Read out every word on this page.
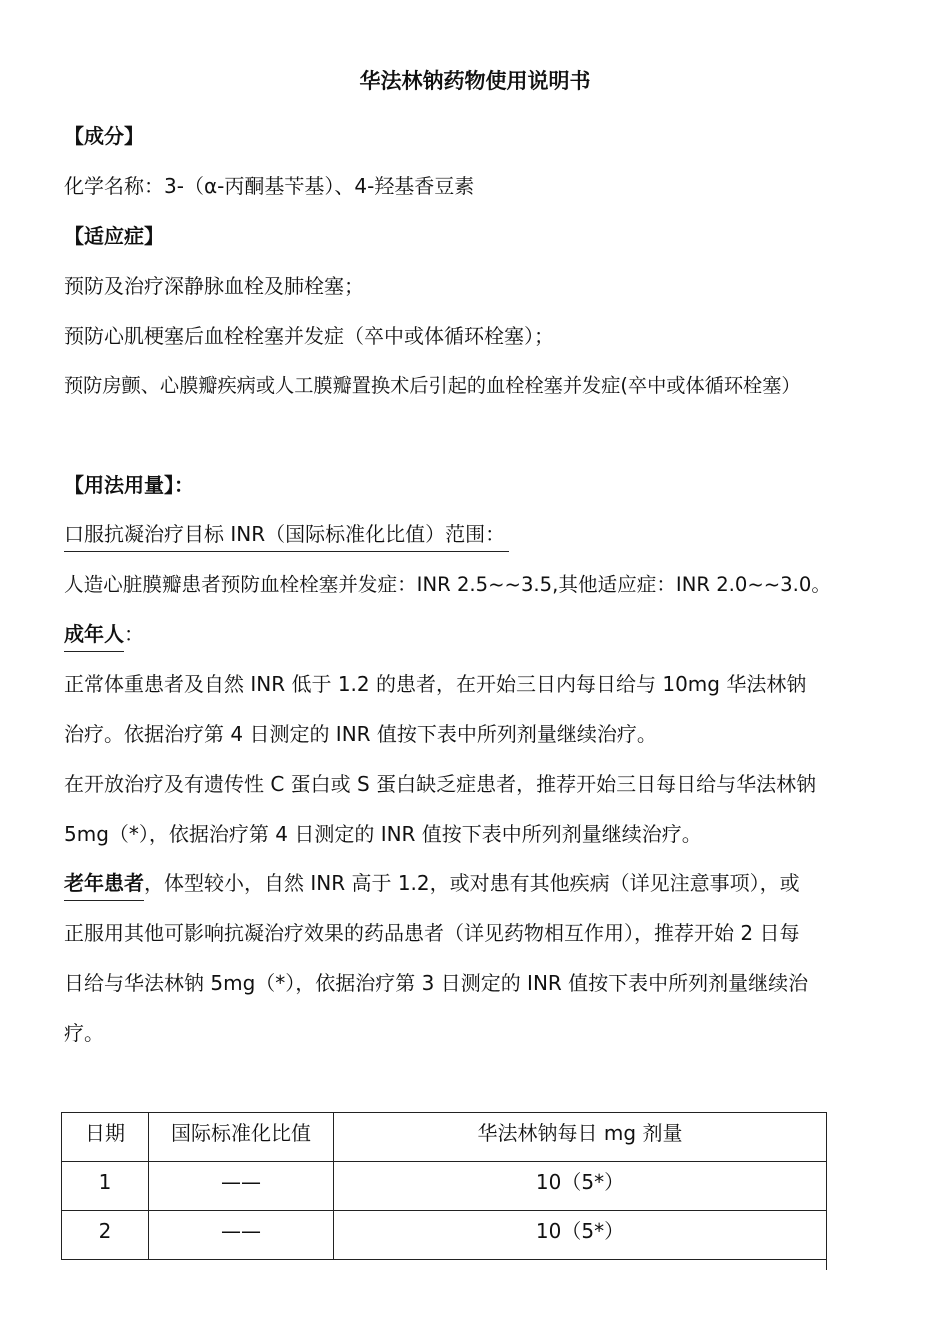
华法林钠药物使用说明书
【成分】
化学名称：3-（α-丙酮基苄基）、4-羟基香豆素
【适应症】
预防及治疗深静脉血栓及肺栓塞；
预防心肌梗塞后血栓栓塞并发症（卒中或体循环栓塞）；
预防房颤、心膜瓣疾病或人工膜瓣置换术后引起的血栓栓塞并发症(卒中或体循环栓塞）
【用法用量】：
口服抗凝治疗目标 INR（国际标准化比值）范围：
人造心脏膜瓣患者预防血栓栓塞并发症：INR 2.5~~3.5,其他适应症：INR 2.0~~3.0。
成年人：
正常体重患者及自然 INR 低于 1.2 的患者，在开始三日内每日给与 10mg 华法林钠
治疗。依据治疗第 4 日测定的 INR 值按下表中所列剂量继续治疗。
在开放治疗及有遗传性 C 蛋白或 S 蛋白缺乏症患者，推荐开始三日每日给与华法林钠
5mg（*），依据治疗第 4 日测定的 INR 值按下表中所列剂量继续治疗。
老年患者，体型较小，自然 INR 高于 1.2，或对患有其他疾病（详见注意事项），或
正服用其他可影响抗凝治疗效果的药品患者（详见药物相互作用），推荐开始 2 日每
日给与华法林钠 5mg（*），依据治疗第 3 日测定的 INR 值按下表中所列剂量继续治
疗。
日期	国际标准化比值	华法林钠每日 mg 剂量
1	——	10（5*）
2	——	10（5*）
